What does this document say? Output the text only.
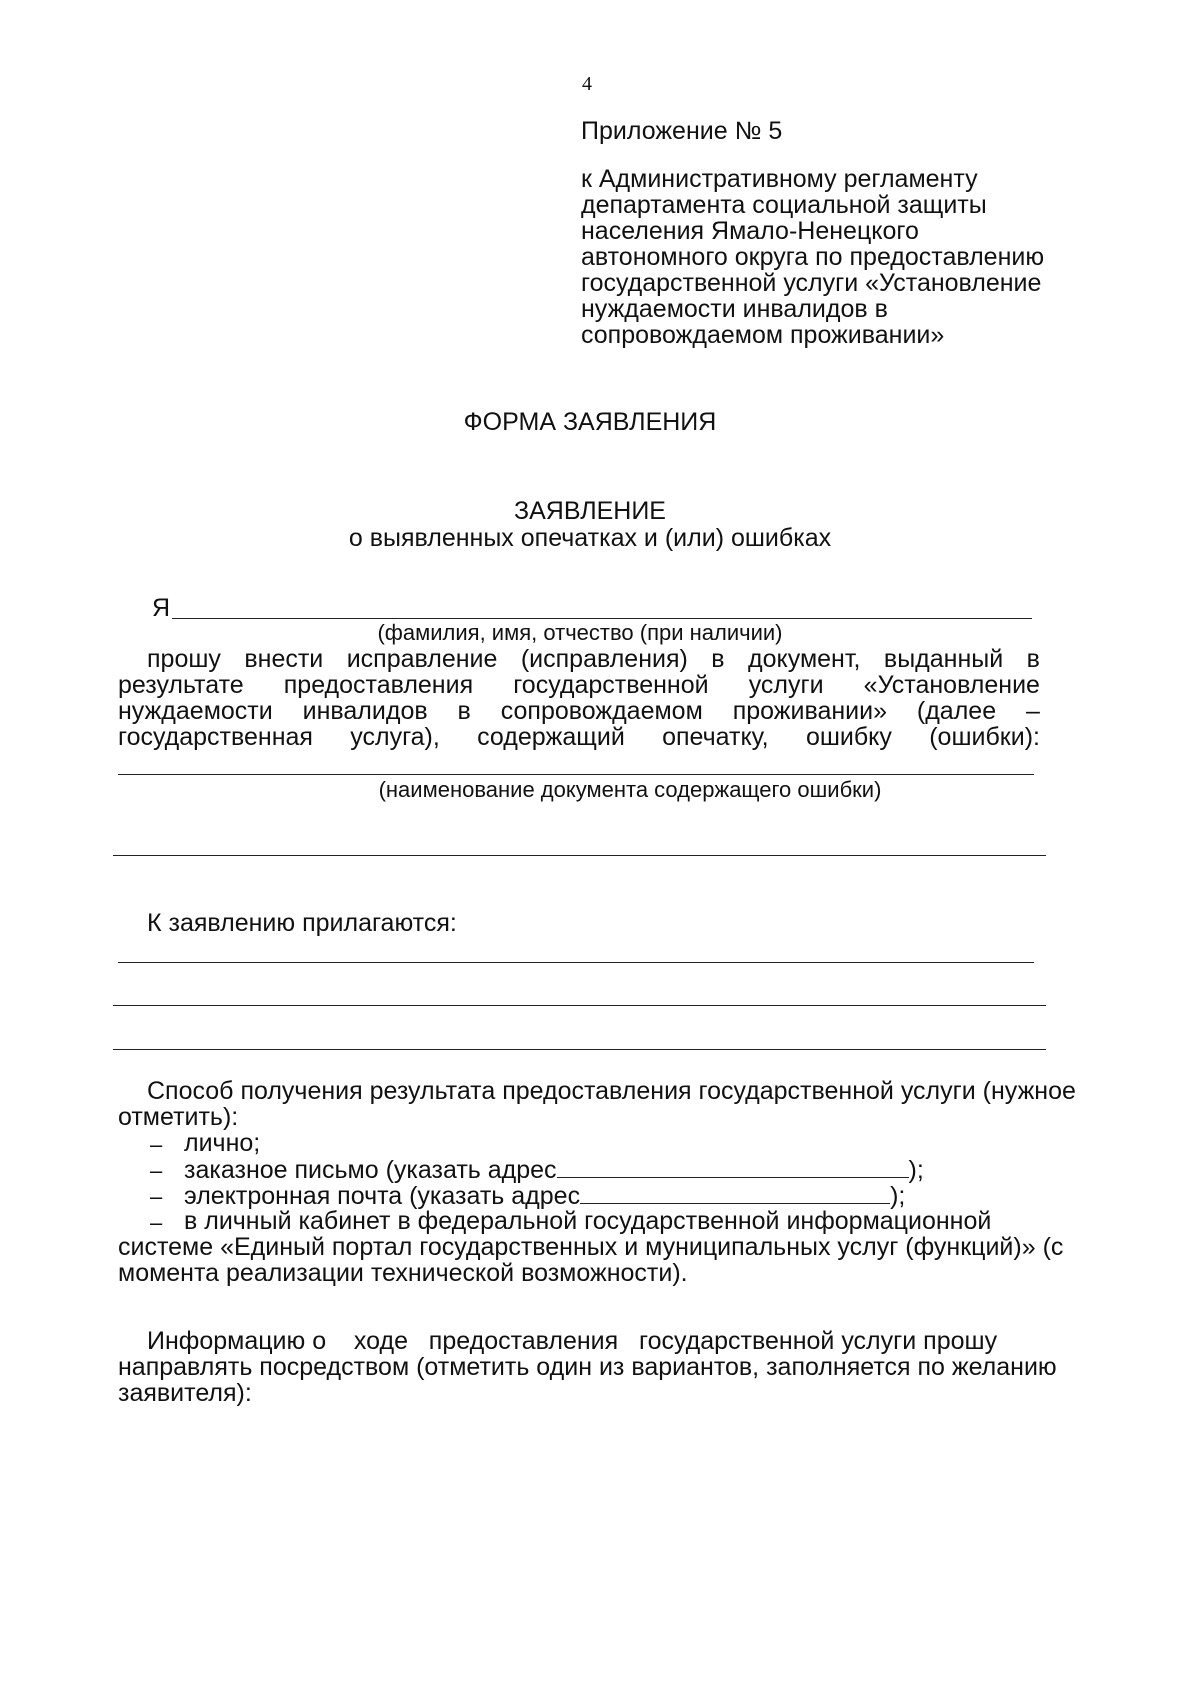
4
Приложение № 5
к Административному регламенту
департамента социальной защиты
населения Ямало-Ненецкого
автономного округа по предоставлению
государственной услуги «Установление
нуждаемости инвалидов в
сопровождаемом проживании»
ФОРМА ЗАЯВЛЕНИЯ
ЗАЯВЛЕНИЕ
о выявленных опечатках и (или) ошибках
Я
(фамилия, имя, отчество (при наличии)
прошу внести исправление (исправления) в документ, выданный в
результате предоставления государственной услуги «Установление
нуждаемости инвалидов в сопровождаемом проживании» (далее –
государственная услуга), содержащий опечатку, ошибку (ошибки):
(наименование документа содержащего ошибки)
К заявлению прилагаются:
Способ получения результата предоставления государственной услуги (нужное
отметить):
– лично;
– заказное письмо (указать адрес	);
– электронная почта (указать адрес	);
– в личный кабинет в федеральной государственной информационной
системе «Единый портал государственных и муниципальных услуг (функций)» (с
момента реализации технической возможности).
Информацию о    ходе   предоставления   государственной услуги прошу
направлять посредством (отметить один из вариантов, заполняется по желанию
заявителя):
